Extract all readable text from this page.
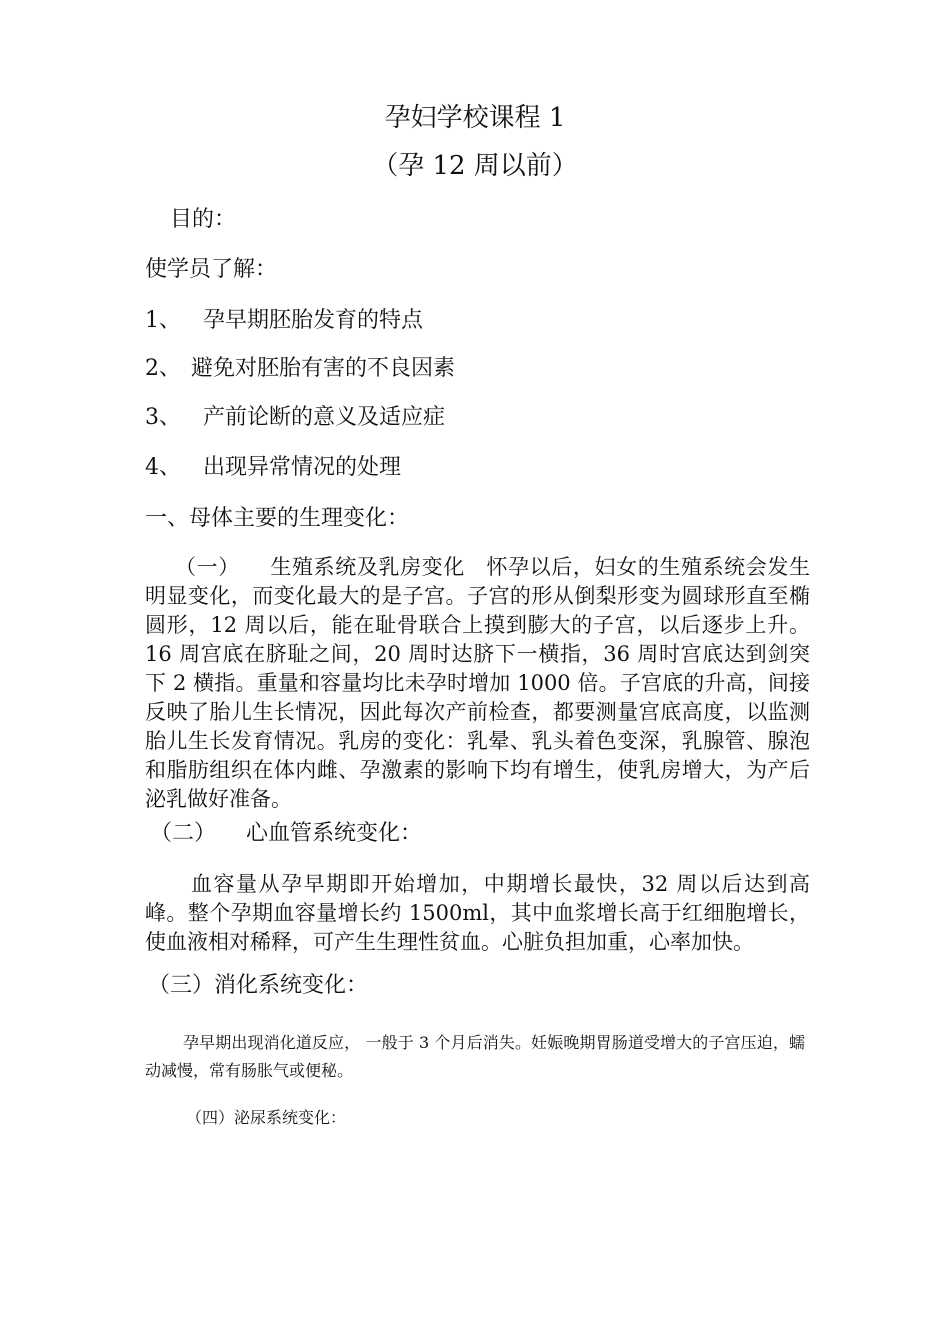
孕妇学校课程 1
（孕 12 周以前）
目的：
使学员了解：
1、 孕早期胚胎发育的特点
2、 避免对胚胎有害的不良因素
3、 产前论断的意义及适应症
4、 出现异常情况的处理
一、母体主要的生理变化：
（一） 生殖系统及乳房变化　怀孕以后，妇女的生殖系统会发生明显变化，而变化最大的是子宫。子宫的形从倒梨形变为圆球形直至椭圆形，12 周以后，能在耻骨联合上摸到膨大的子宫，以后逐步上升。16 周宫底在脐耻之间，20 周时达脐下一横指，36 周时宫底达到剑突下 2 横指。重量和容量均比未孕时增加 1000 倍。子宫底的升高，间接反映了胎儿生长情况，因此每次产前检查，都要测量宫底高度，以监测胎儿生长发育情况。乳房的变化：乳晕、乳头着色变深，乳腺管、腺泡和脂肪组织在体内雌、孕激素的影响下均有增生，使乳房增大，为产后泌乳做好准备。
（二） 心血管系统变化：
血容量从孕早期即开始增加，中期增长最快，32 周以后达到高峰。整个孕期血容量增长约 1500ml，其中血浆增长高于红细胞增长，使血液相对稀释，可产生生理性贫血。心脏负担加重，心率加快。
（三）消化系统变化：
孕早期出现消化道反应， 一般于 3 个月后消失。妊娠晚期胃肠道受增大的子宫压迫，蠕 动减慢，常有肠胀气或便秘。
（四）泌尿系统变化：
